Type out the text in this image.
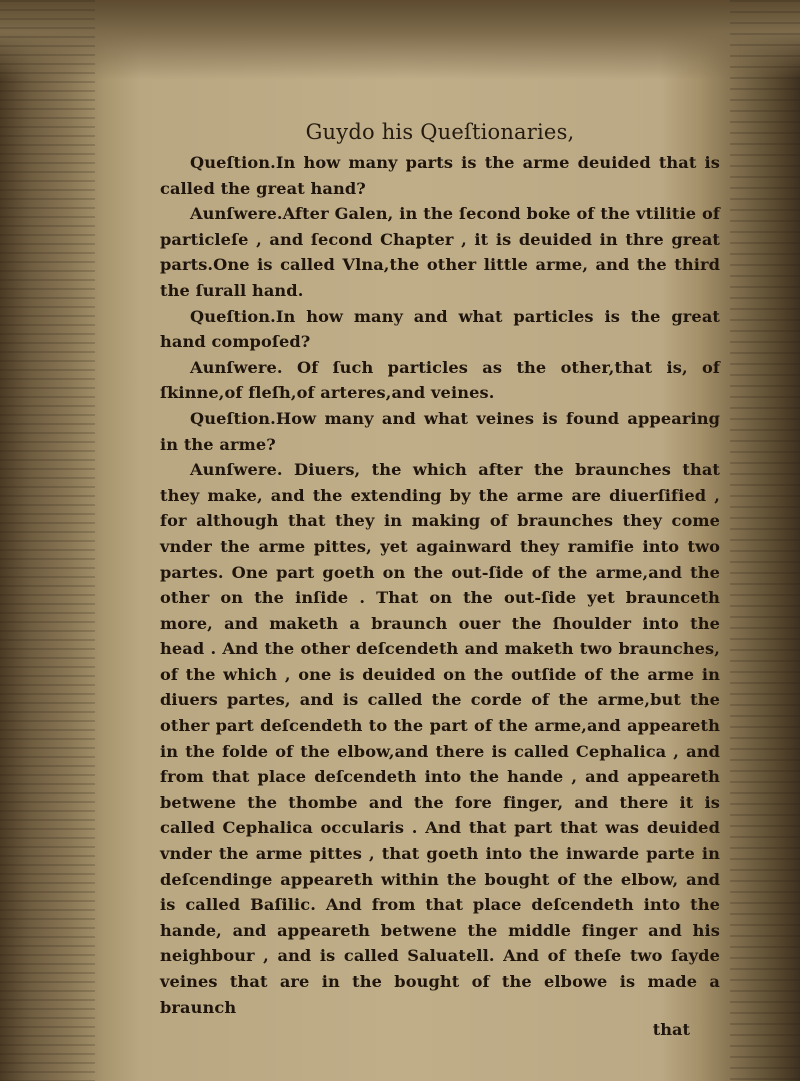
Guydo his Queſtionaries,

Queſtion.In how many parts is the arme deuided that is called the great hand?

Aunſwere.After Galen, in the ſecond boke of the vtilitie of particleſe , and ſecond Chapter , it is deuided in thre great parts.One is called Vlna,the other little arme, and the third the ſurall hand.

Queſtion.In how many and what particles is the great hand compoſed?

Aunſwere. Of ſuch particles as the other,that is, of ſkinne,of fleſh,of arteres,and veines.

Queſtion.How many and what veines is found appearing in the arme?

Aunſwere. Diuers, the which after the braunches that they make, and the extending by the arme are diuerſified , for although that they in making of braunches they come vnder the arme pittes, yet againward they ramifie into two partes. One part goeth on the out-ſide of the arme,and the other on the inſide . That on the out-ſide yet braunceth more, and maketh a braunch ouer the ſhoulder into the head . And the other deſcendeth and maketh two braunches, of the which , one is deuided on the outſide of the arme in diuers partes, and is called the corde of the arme,but the other part deſcendeth to the part of the arme,and appeareth in the folde of the elbow,and there is called Cephalica , and from that place deſcendeth into the hande , and appeareth betwene the thombe and the fore finger, and there it is called Cephalica occularis . And that part that was deuided vnder the arme pittes , that goeth into the inwarde parte in deſcendinge appeareth within the bought of the elbow, and is called Baſilic. And from that place deſcendeth into the hande, and appeareth betwene the middle finger and his neighbour , and is called Saluatell. And of theſe two ſayde veines that are in the bought of the elbowe is made a braunch

that
